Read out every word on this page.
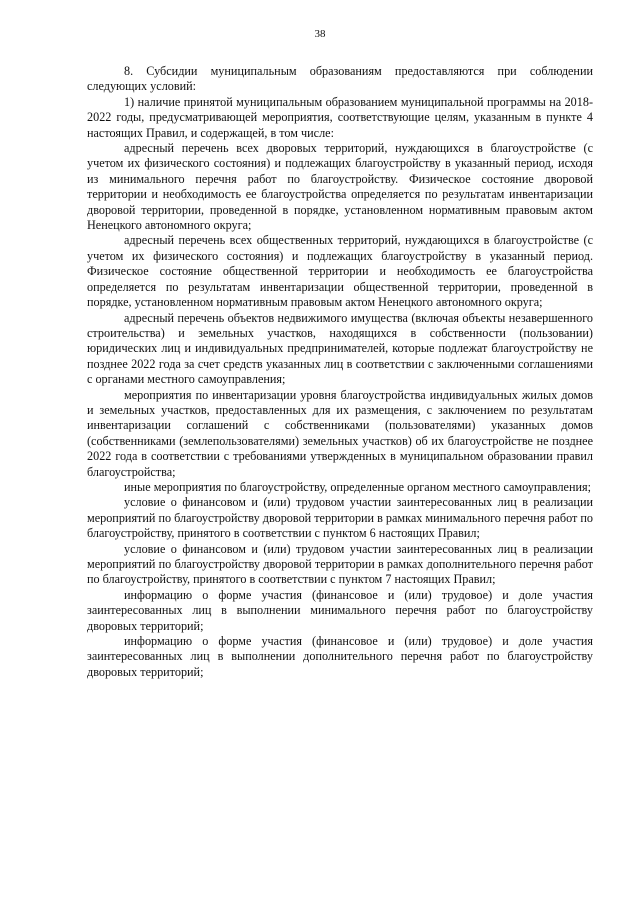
38

8. Субсидии муниципальным образованиям предоставляются при соблюдении следующих условий:

1) наличие принятой муниципальным образованием муниципальной программы на 2018-2022 годы, предусматривающей мероприятия, соответствующие целям, указанным в пункте 4 настоящих Правил, и содержащей, в том числе:

адресный перечень всех дворовых территорий, нуждающихся в благоустройстве (с учетом их физического состояния) и подлежащих благоустройству в указанный период, исходя из минимального перечня работ по благоустройству. Физическое состояние дворовой территории и необходимость ее благоустройства определяется по результатам инвентаризации дворовой территории, проведенной в порядке, установленном нормативным правовым актом Ненецкого автономного округа;

адресный перечень всех общественных территорий, нуждающихся в благоустройстве (с учетом их физического состояния) и подлежащих благоустройству в указанный период. Физическое состояние общественной территории и необходимость ее благоустройства определяется по результатам инвентаризации общественной территории, проведенной в порядке, установленном нормативным правовым актом Ненецкого автономного округа;

адресный перечень объектов недвижимого имущества (включая объекты незавершенного строительства) и земельных участков, находящихся в собственности (пользовании) юридических лиц и индивидуальных предпринимателей, которые подлежат благоустройству не позднее 2022 года за счет средств указанных лиц в соответствии с заключенными соглашениями с органами местного самоуправления;

мероприятия по инвентаризации уровня благоустройства индивидуальных жилых домов и земельных участков, предоставленных для их размещения, с заключением по результатам инвентаризации соглашений с собственниками (пользователями) указанных домов (собственниками (землепользователями) земельных участков) об их благоустройстве не позднее 2022 года в соответствии с требованиями утвержденных в муниципальном образовании правил благоустройства;

иные мероприятия по благоустройству, определенные органом местного самоуправления;

условие о финансовом и (или) трудовом участии заинтересованных лиц в реализации мероприятий по благоустройству дворовой территории в рамках минимального перечня работ по благоустройству, принятого в соответствии с пунктом 6 настоящих Правил;

условие о финансовом и (или) трудовом участии заинтересованных лиц в реализации мероприятий по благоустройству дворовой территории в рамках дополнительного перечня работ по благоустройству, принятого в соответствии с пунктом 7 настоящих Правил;

информацию о форме участия (финансовое и (или) трудовое) и доле участия заинтересованных лиц в выполнении минимального перечня работ по благоустройству дворовых территорий;

информацию о форме участия (финансовое и (или) трудовое) и доле участия заинтересованных лиц в выполнении дополнительного перечня работ по благоустройству дворовых территорий;
